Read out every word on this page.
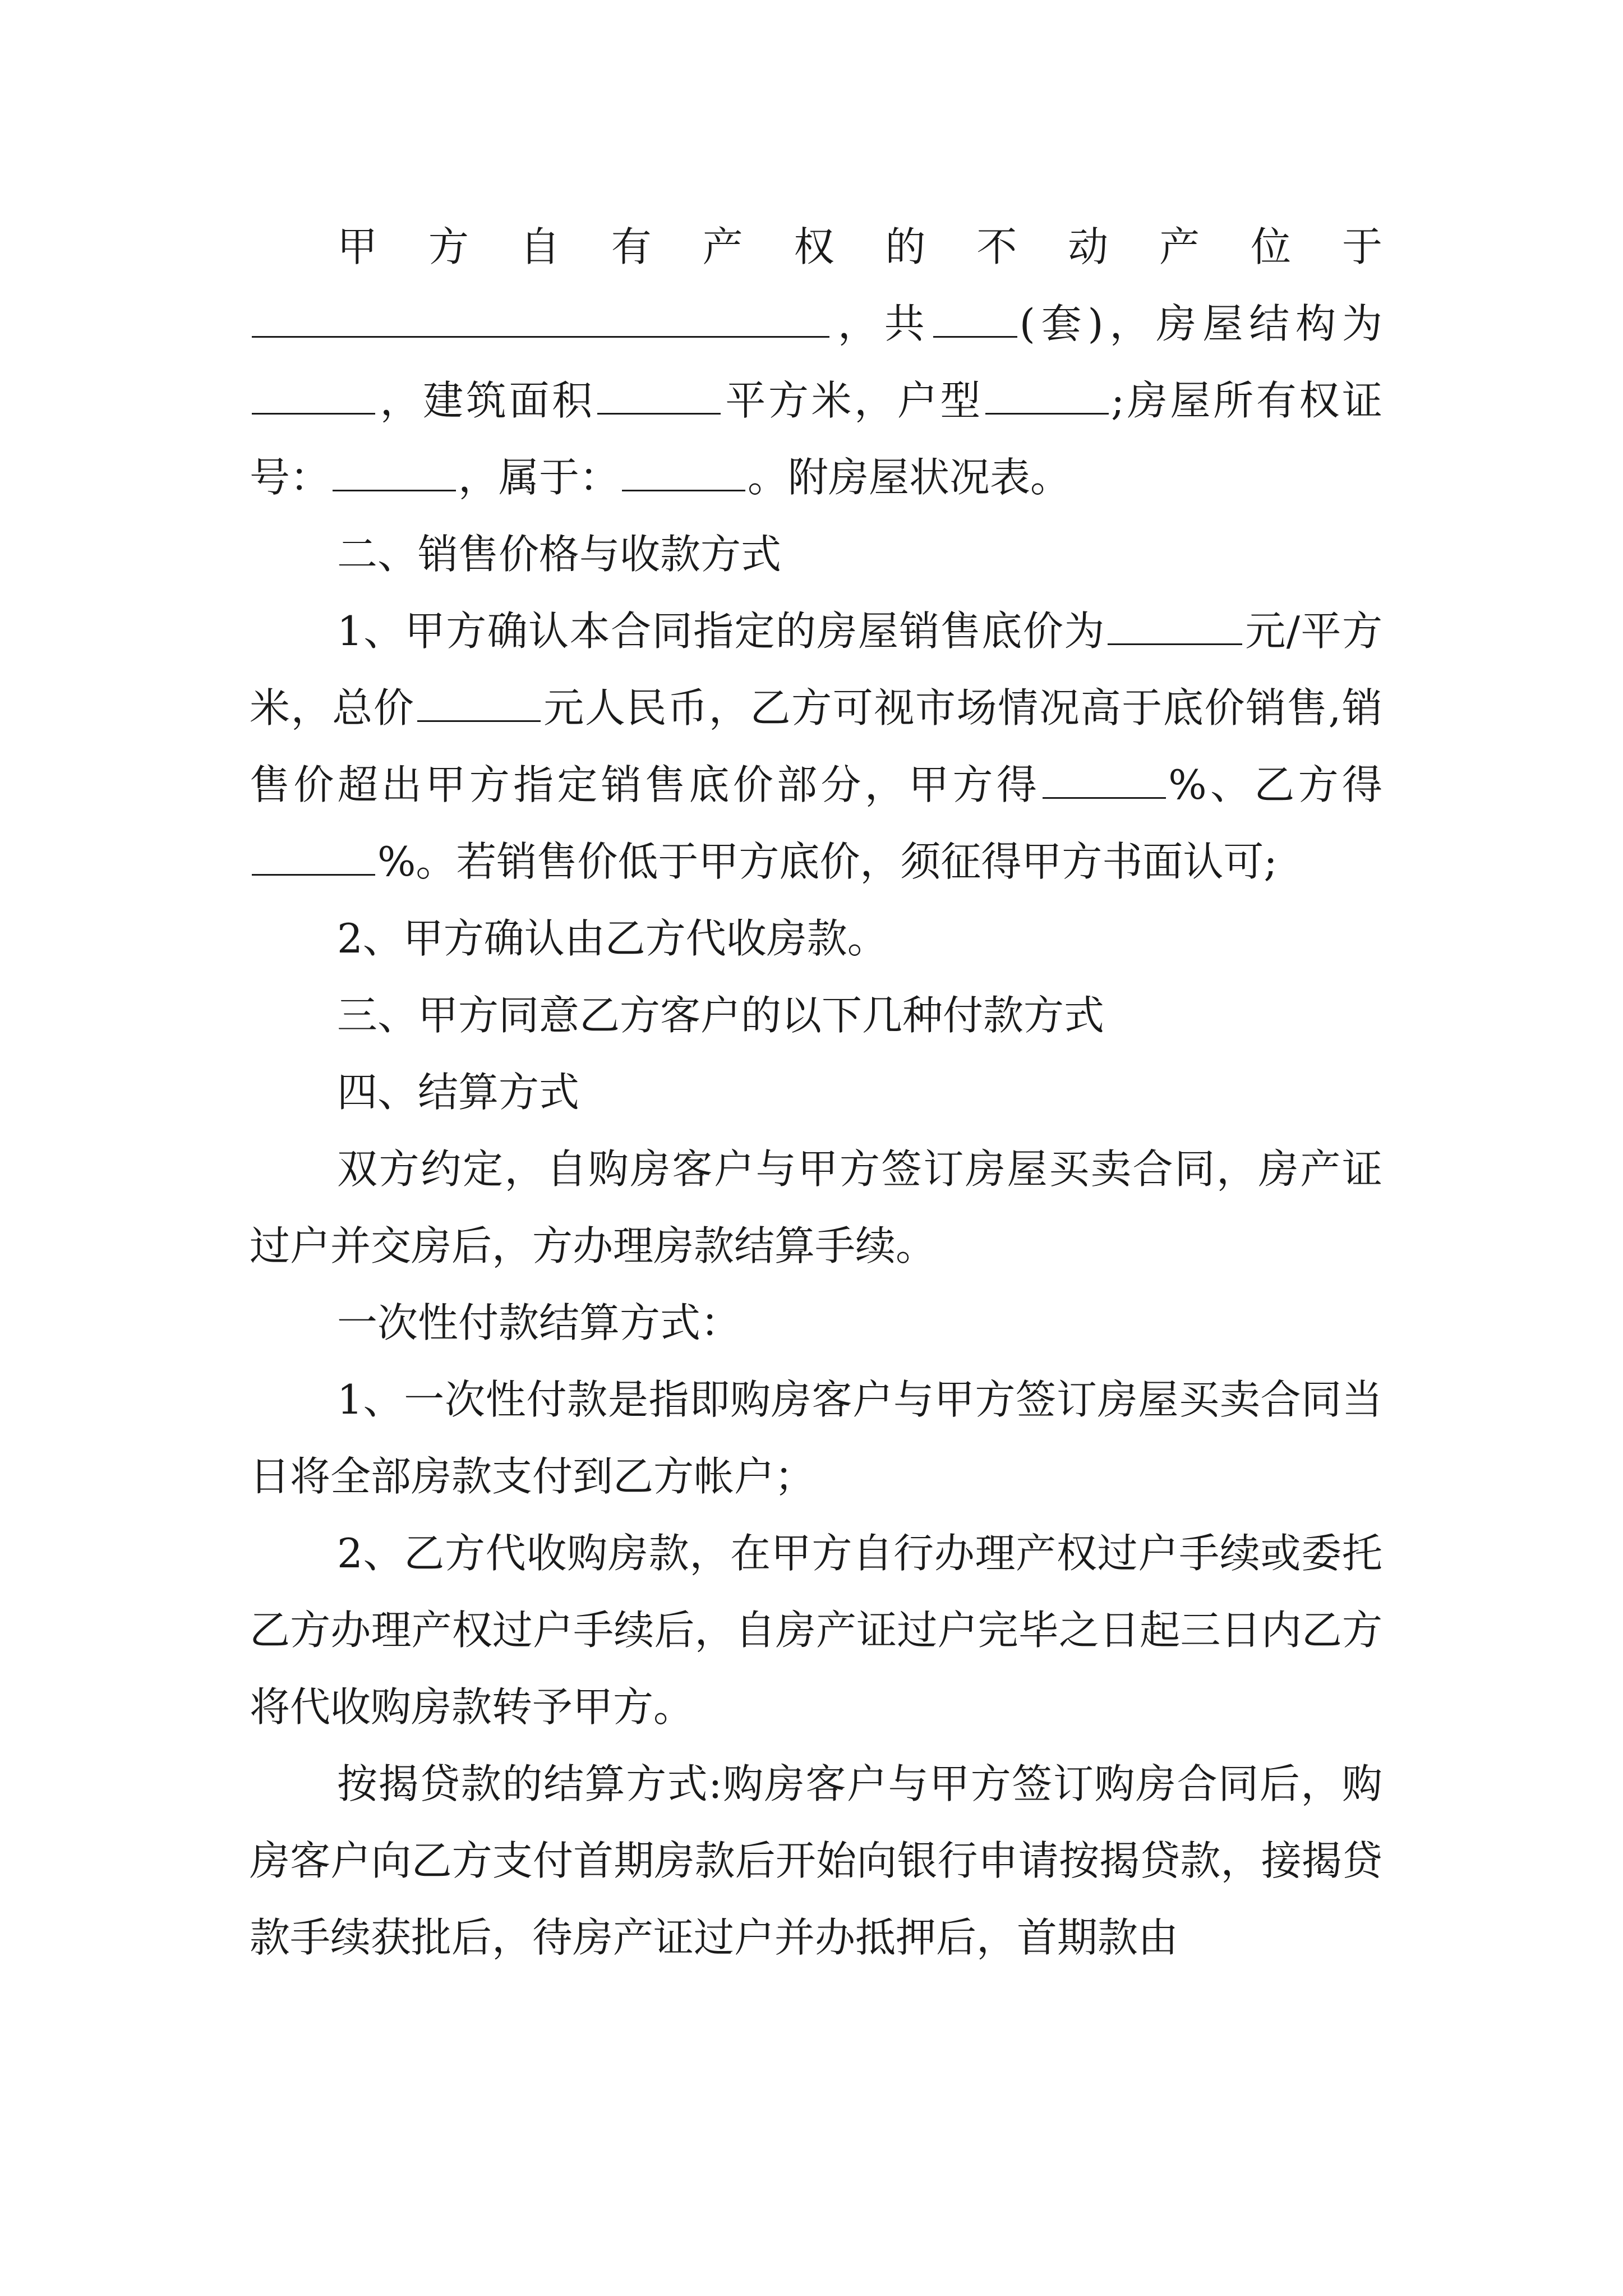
甲方自有产权的不动产位于

，共 (套)，房屋结构为，建筑面积	平方米，户型	;房屋所有权证号：	，属于：	。附房屋状况表。

二、销售价格与收款方式

1、甲方确认本合同指定的房屋销售底价为	元/平方米，总价	元人民币，乙方可视市场情况高于底价销售,销售价超出甲方指定销售底价部分，甲方得	%、乙方得%。若销售价低于甲方底价，须征得甲方书面认可;

2、甲方确认由乙方代收房款。

三、甲方同意乙方客户的以下几种付款方式

四、结算方式

双方约定，自购房客户与甲方签订房屋买卖合同，房产证过户并交房后，方办理房款结算手续。

一次性付款结算方式：

1、一次性付款是指即购房客户与甲方签订房屋买卖合同当日将全部房款支付到乙方帐户；

2、乙方代收购房款，在甲方自行办理产权过户手续或委托乙方办理产权过户手续后，自房产证过户完毕之日起三日内乙方将代收购房款转予甲方。

按揭贷款的结算方式:购房客户与甲方签订购房合同后，购房客户向乙方支付首期房款后开始向银行申请按揭贷款，接揭贷款手续获批后，待房产证过户并办抵押后，首期款由
